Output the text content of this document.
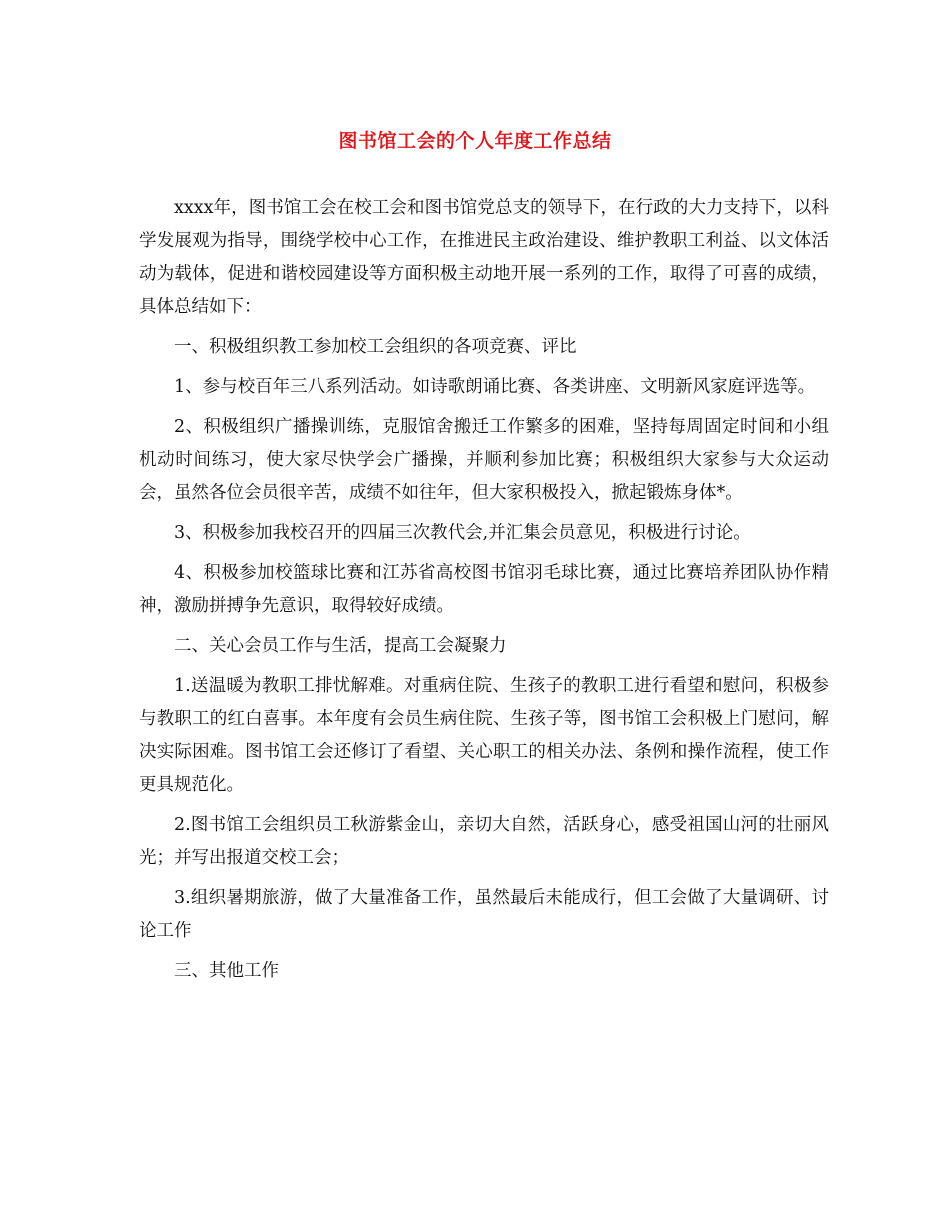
图书馆工会的个人年度工作总结

xxxx年，图书馆工会在校工会和图书馆党总支的领导下，在行政的大力支持下，以科学发展观为指导，围绕学校中心工作，在推进民主政治建设、维护教职工利益、以文体活动为载体，促进和谐校园建设等方面积极主动地开展一系列的工作，取得了可喜的成绩，具体总结如下：

一、积极组织教工参加校工会组织的各项竞赛、评比

1、参与校百年三八系列活动。如诗歌朗诵比赛、各类讲座、文明新风家庭评选等。

2、积极组织广播操训练，克服馆舍搬迁工作繁多的困难，坚持每周固定时间和小组机动时间练习，使大家尽快学会广播操，并顺利参加比赛；积极组织大家参与大众运动会，虽然各位会员很辛苦，成绩不如往年，但大家积极投入，掀起锻炼身体*。

3、积极参加我校召开的四届三次教代会,并汇集会员意见，积极进行讨论。

4、积极参加校篮球比赛和江苏省高校图书馆羽毛球比赛，通过比赛培养团队协作精神，激励拼搏争先意识，取得较好成绩。

二、关心会员工作与生活，提高工会凝聚力

1.送温暖为教职工排忧解难。对重病住院、生孩子的教职工进行看望和慰问，积极参与教职工的红白喜事。本年度有会员生病住院、生孩子等，图书馆工会积极上门慰问，解决实际困难。图书馆工会还修订了看望、关心职工的相关办法、条例和操作流程，使工作更具规范化。

2.图书馆工会组织员工秋游紫金山，亲切大自然，活跃身心，感受祖国山河的壮丽风光；并写出报道交校工会；

3.组织暑期旅游，做了大量准备工作，虽然最后未能成行，但工会做了大量调研、讨论工作

三、其他工作
